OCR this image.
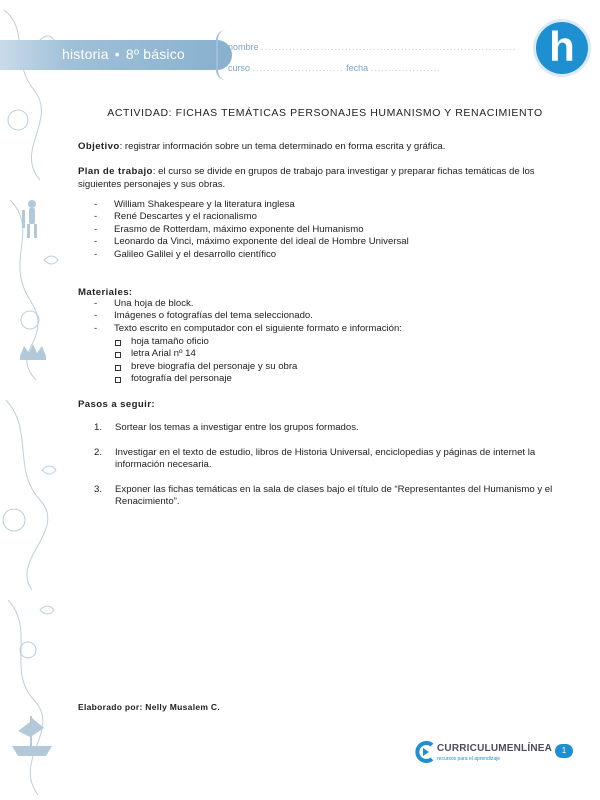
historia • 8º básico	nombre .........................................................................
curso .......................... fecha ....................	h
ACTIVIDAD: FICHAS TEMÁTICAS PERSONAJES HUMANISMO Y RENACIMIENTO
Objetivo: registrar información sobre un tema determinado en forma escrita y gráfica.
Plan de trabajo: el curso se divide en grupos de trabajo para investigar y preparar fichas temáticas de los siguientes personajes y sus obras.
- William Shakespeare y la literatura inglesa
- René Descartes y el racionalismo
- Erasmo de Rotterdam, máximo exponente del Humanismo
- Leonardo da Vinci, máximo exponente del ideal de Hombre Universal
- Galileo Galilei y el desarrollo científico
Materiales:
- Una hoja de block.
- Imágenes o fotografías del tema seleccionado.
- Texto escrito en computador con el siguiente formato e información:
hoja tamaño oficio
letra Arial nº 14
breve biografía del personaje y su obra
fotografía del personaje
Pasos a seguir:
1. Sortear los temas a investigar entre los grupos formados.
2. Investigar en el texto de estudio, libros de Historia Universal, enciclopedias y páginas de internet la información necesaria.
3. Exponer las fichas temáticas en la sala de clases bajo el título de “Representantes del Humanismo y el Renacimiento”.
Elaborado por: Nelly Musalem C.
CURRICULUMENLÍNEA
recursos para el aprendizaje
1
